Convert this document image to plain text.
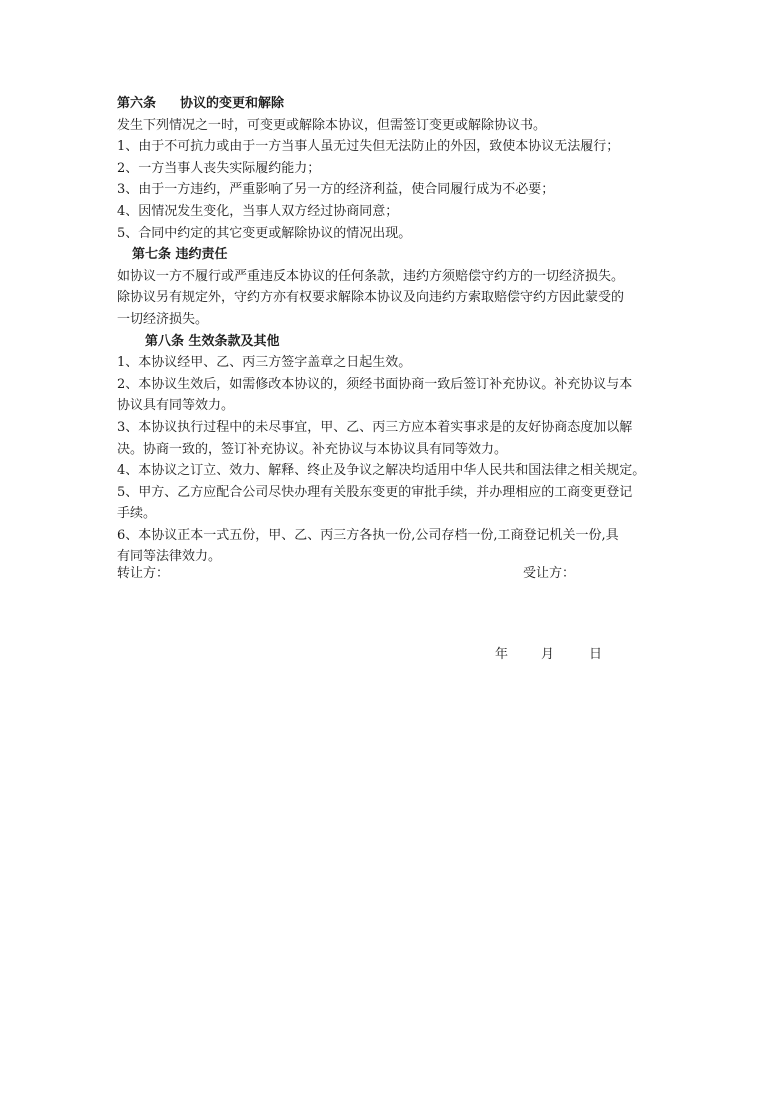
第六条 协议的变更和解除
发生下列情况之一时，可变更或解除本协议，但需签订变更或解除协议书。
1、由于不可抗力或由于一方当事人虽无过失但无法防止的外因，致使本协议无法履行；
2、一方当事人丧失实际履约能力；
3、由于一方违约，严重影响了另一方的经济利益，使合同履行成为不必要；
4、因情况发生变化，当事人双方经过协商同意；
5、合同中约定的其它变更或解除协议的情况出现。
第七条 违约责任
如协议一方不履行或严重违反本协议的任何条款，违约方须赔偿守约方的一切经济损失。
除协议另有规定外，守约方亦有权要求解除本协议及向违约方索取赔偿守约方因此蒙受的
一切经济损失。
第八条 生效条款及其他
1、本协议经甲、乙、丙三方签字盖章之日起生效。
2、本协议生效后，如需修改本协议的，须经书面协商一致后签订补充协议。补充协议与本
协议具有同等效力。
3、本协议执行过程中的未尽事宜，甲、乙、丙三方应本着实事求是的友好协商态度加以解
决。协商一致的，签订补充协议。补充协议与本协议具有同等效力。
4、本协议之订立、效力、解释、终止及争议之解决均适用中华人民共和国法律之相关规定。
5、甲方、乙方应配合公司尽快办理有关股东变更的审批手续，并办理相应的工商变更登记
手续。
6、本协议正本一式五份，甲、乙、丙三方各执一份,公司存档一份,工商登记机关一份,具
有同等法律效力。
转让方：	受让方：
年	月	日
